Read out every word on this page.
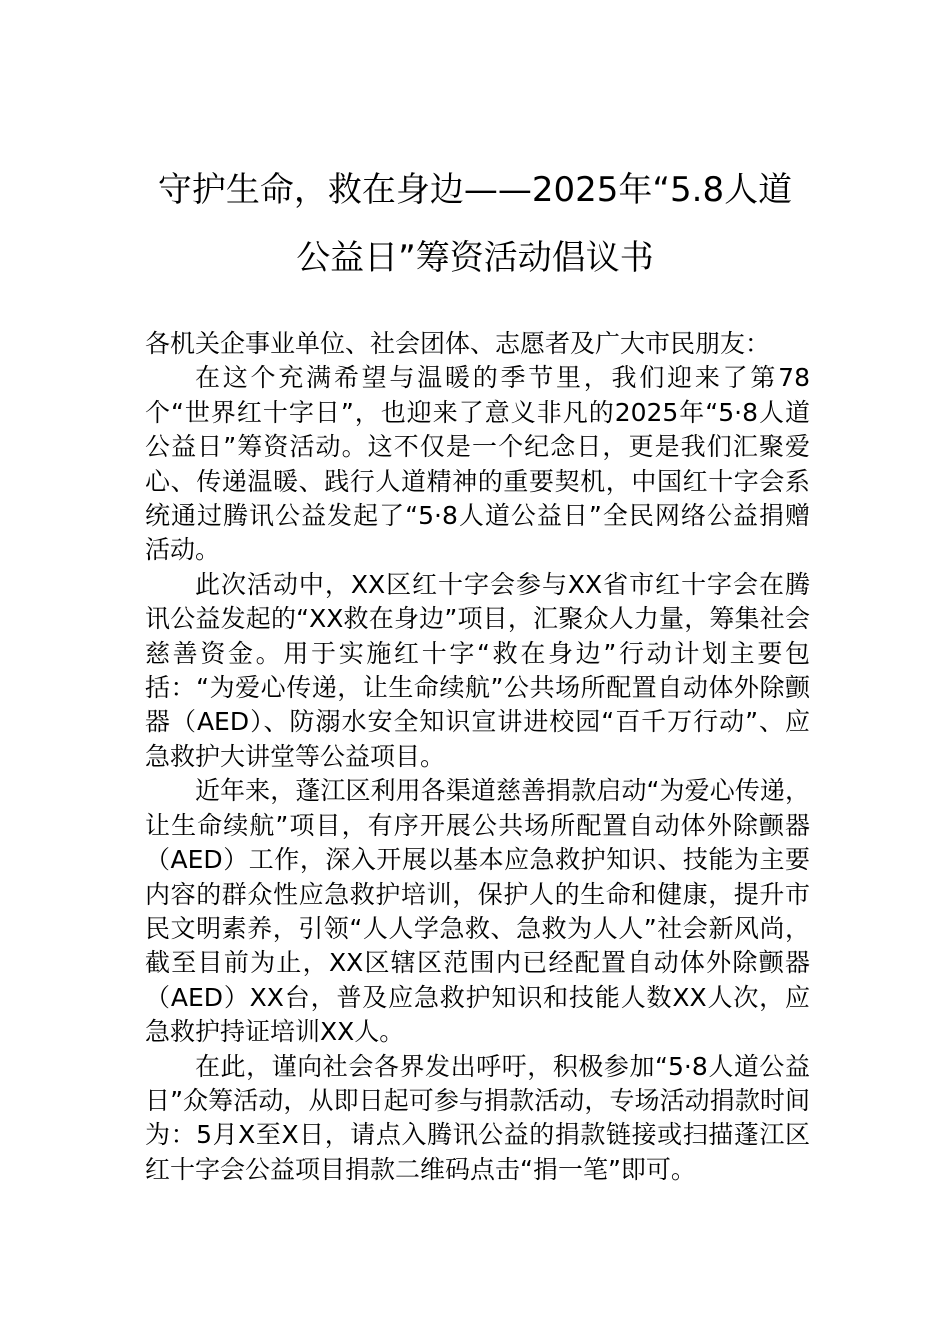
守护生命，救在身边——2025年“5.8人道
公益日”筹资活动倡议书

各机关企事业单位、社会团体、志愿者及广大市民朋友：

在这个充满希望与温暖的季节里，我们迎来了第78个“世界红十字日”，也迎来了意义非凡的2025年“5·8人道公益日”筹资活动。这不仅是一个纪念日，更是我们汇聚爱心、传递温暖、践行人道精神的重要契机，中国红十字会系统通过腾讯公益发起了“5·8人道公益日”全民网络公益捐赠活动。

此次活动中，XX区红十字会参与XX省市红十字会在腾讯公益发起的“XX救在身边”项目，汇聚众人力量，筹集社会慈善资金。用于实施红十字“救在身边”行动计划主要包括：“为爱心传递，让生命续航”公共场所配置自动体外除颤器（AED）、防溺水安全知识宣讲进校园“百千万行动”、应急救护大讲堂等公益项目。

近年来，蓬江区利用各渠道慈善捐款启动“为爱心传递，让生命续航”项目，有序开展公共场所配置自动体外除颤器（AED）工作，深入开展以基本应急救护知识、技能为主要内容的群众性应急救护培训，保护人的生命和健康，提升市民文明素养，引领“人人学急救、急救为人人”社会新风尚，截至目前为止，XX区辖区范围内已经配置自动体外除颤器（AED）XX台，普及应急救护知识和技能人数XX人次，应急救护持证培训XX人。

在此，谨向社会各界发出呼吁，积极参加“5·8人道公益日”众筹活动，从即日起可参与捐款活动，专场活动捐款时间为：5月X至X日，请点入腾讯公益的捐款链接或扫描蓬江区红十字会公益项目捐款二维码点击“捐一笔”即可。
